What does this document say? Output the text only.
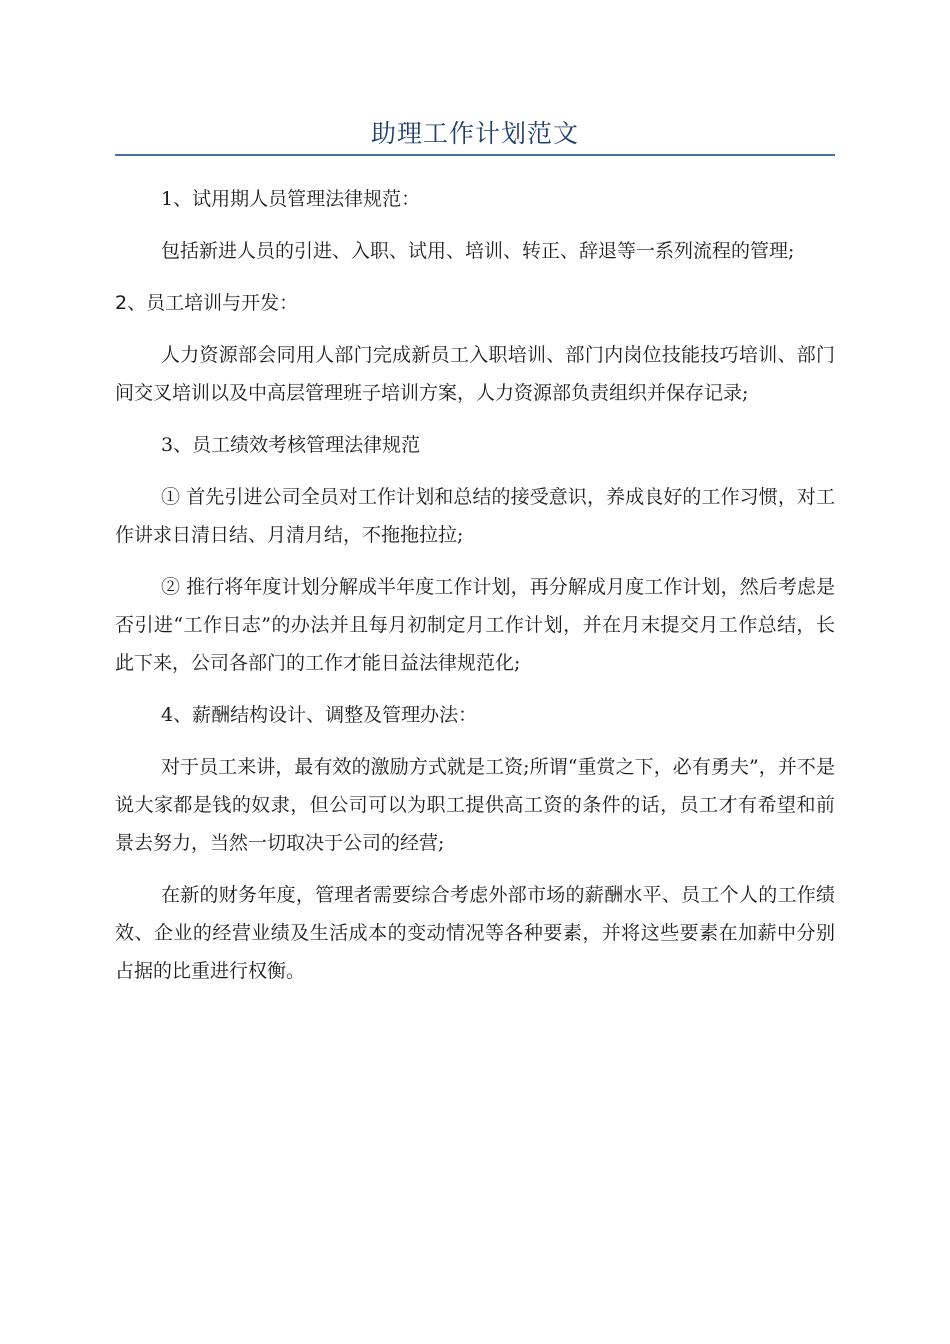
助理工作计划范文

1、试用期人员管理法律规范：

包括新进人员的引进、入职、试用、培训、转正、辞退等一系列流程的管理;

2、员工培训与开发：

人力资源部会同用人部门完成新员工入职培训、部门内岗位技能技巧培训、部门间交叉培训以及中高层管理班子培训方案，人力资源部负责组织并保存记录;

3、员工绩效考核管理法律规范

① 首先引进公司全员对工作计划和总结的接受意识，养成良好的工作习惯，对工作讲求日清日结、月清月结，不拖拖拉拉;

② 推行将年度计划分解成半年度工作计划，再分解成月度工作计划，然后考虑是否引进“工作日志”的办法并且每月初制定月工作计划，并在月末提交月工作总结，长此下来，公司各部门的工作才能日益法律规范化;

4、薪酬结构设计、调整及管理办法：

对于员工来讲，最有效的激励方式就是工资;所谓“重赏之下，必有勇夫”，并不是说大家都是钱的奴隶，但公司可以为职工提供高工资的条件的话，员工才有希望和前景去努力，当然一切取决于公司的经营;

在新的财务年度，管理者需要综合考虑外部市场的薪酬水平、员工个人的工作绩效、企业的经营业绩及生活成本的变动情况等各种要素，并将这些要素在加薪中分别占据的比重进行权衡。
